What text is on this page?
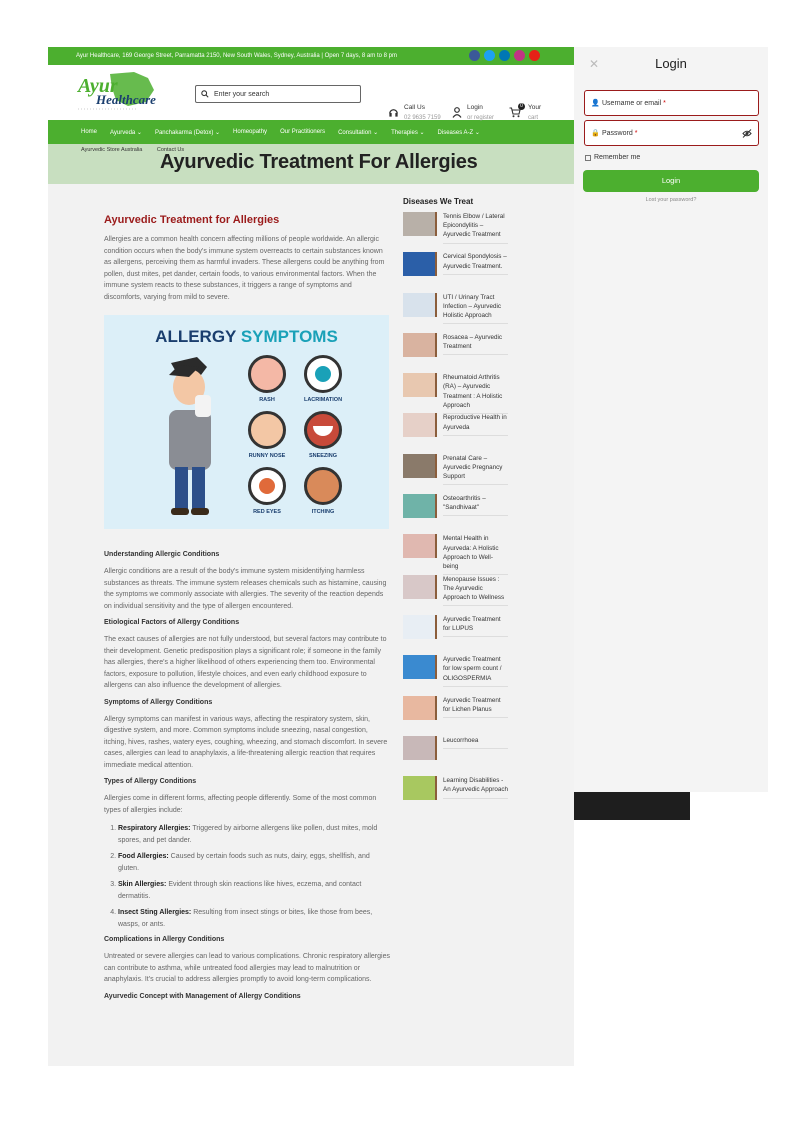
Ayur Healthcare, 169 George Street, Parramatta 2150, New South Wales, Sydney, Australia | Open 7 days, 8 am to 8 pm
Ayur
Healthcare	Enter your search
Call Us
02 9635 7159
Login
or register
0 Your
cart
Home Ayurveda ⌄ Panchakarma (Detox) ⌄ Homeopathy Our Practitioners Consultation ⌄ Therapies ⌄ Diseases A-Z ⌄
Ayurvedic Store Australia	Contact Us
Ayurvedic Treatment For Allergies
Ayurvedic Treatment for Allergies

Allergies are a common health concern affecting millions of people worldwide. An allergic condition occurs when the body's immune system overreacts to certain substances known as allergens, perceiving them as harmful invaders. These allergens could be anything from pollen, dust mites, pet dander, certain foods, to various environmental factors. When the immune system reacts to these substances, it triggers a range of symptoms and discomforts, varying from mild to severe.

ALLERGY SYMPTOMS
RASH	LACRIMATION
RUNNY NOSE	SNEEZING
RED EYES	ITCHING
Understanding Allergic Conditions

Allergic conditions are a result of the body's immune system misidentifying harmless substances as threats. The immune system releases chemicals such as histamine, causing the symptoms we commonly associate with allergies. The severity of the reaction depends on individual sensitivity and the type of allergen encountered.

Etiological Factors of Allergy Conditions

The exact causes of allergies are not fully understood, but several factors may contribute to their development. Genetic predisposition plays a significant role; if someone in the family has allergies, there's a higher likelihood of others experiencing them too. Environmental factors, exposure to pollution, lifestyle choices, and even early childhood exposure to allergens can also influence the development of allergies.

Symptoms of Allergy Conditions

Allergy symptoms can manifest in various ways, affecting the respiratory system, skin, digestive system, and more. Common symptoms include sneezing, nasal congestion, itching, hives, rashes, watery eyes, coughing, wheezing, and stomach discomfort. In severe cases, allergies can lead to anaphylaxis, a life-threatening allergic reaction that requires immediate medical attention.

Types of Allergy Conditions

Allergies come in different forms, affecting people differently. Some of the most common types of allergies include:

1. Respiratory Allergies: Triggered by airborne allergens like pollen, dust mites, mold spores, and pet dander.
2. Food Allergies: Caused by certain foods such as nuts, dairy, eggs, shellfish, and gluten.
3. Skin Allergies: Evident through skin reactions like hives, eczema, and contact dermatitis.
4. Insect Sting Allergies: Resulting from insect stings or bites, like those from bees, wasps, or ants.
Complications in Allergy Conditions

Untreated or severe allergies can lead to various complications. Chronic respiratory allergies can contribute to asthma, while untreated food allergies may lead to malnutrition or anaphylaxis. It's crucial to address allergies promptly to avoid long-term complications.

Ayurvedic Concept with Management of Allergy Conditions
Diseases We Treat
Tennis Elbow / Lateral Epicondylitis – Ayurvedic Treatment
Cervical Spondylosis – Ayurvedic Treatment.
UTI / Urinary Tract Infection – Ayurvedic Holistic Approach
Rosacea – Ayurvedic Treatment
Rheumatoid Arthritis (RA) – Ayurvedic Treatment : A Holistic Approach
Reproductive Health in Ayurveda
Prenatal Care – Ayurvedic Pregnancy Support
Osteoarthritis – "Sandhivaat"
Mental Health in Ayurveda: A Holistic Approach to Well-being
Menopause Issues : The Ayurvedic Approach to Wellness
Ayurvedic Treatment for LUPUS
Ayurvedic Treatment for low sperm count / OLIGOSPERMIA
Ayurvedic Treatment for Lichen Planus
Leucorrhoea
Learning Disabilities -An Ayurvedic Approach
✕	Login
👤 Username or email *
🔒 Password *
Remember me
Login
Lost your password?
